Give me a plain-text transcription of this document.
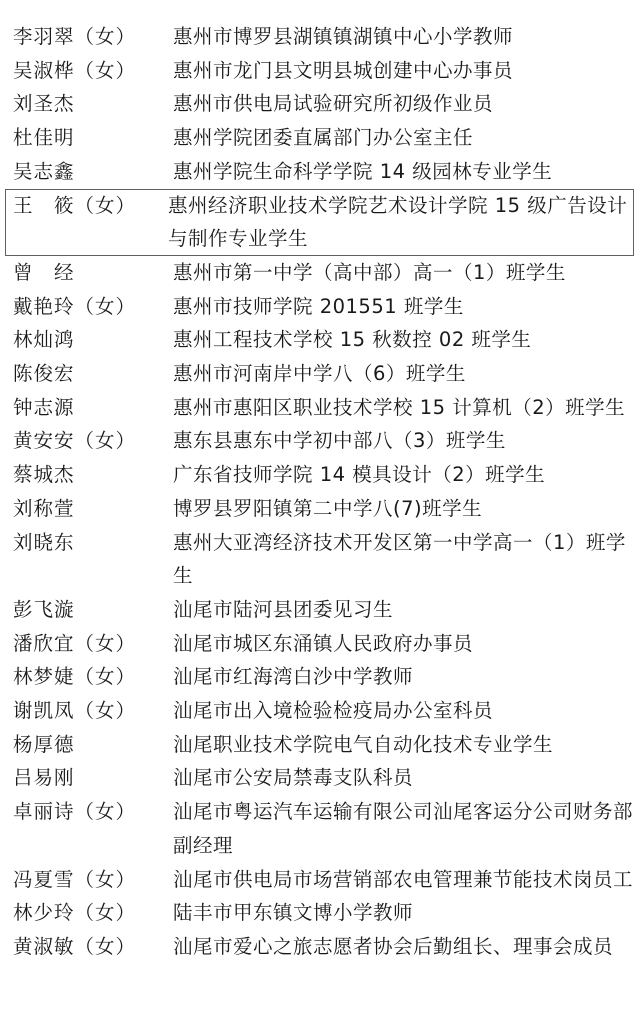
李羽翠（女）	惠州市博罗县湖镇镇湖镇中心小学教师
吴淑桦（女）	惠州市龙门县文明县城创建中心办事员
刘圣杰	惠州市供电局试验研究所初级作业员
杜佳明	惠州学院团委直属部门办公室主任
吴志鑫	惠州学院生命科学学院 14 级园林专业学生
王　筱（女）	惠州经济职业技术学院艺术设计学院 15 级广告设计与制作专业学生
曾　经	惠州市第一中学（高中部）高一（1）班学生
戴艳玲（女）	惠州市技师学院 201551 班学生
林灿鸿	惠州工程技术学校 15 秋数控 02 班学生
陈俊宏	惠州市河南岸中学八（6）班学生
钟志源	惠州市惠阳区职业技术学校 15 计算机（2）班学生
黄安安（女）	惠东县惠东中学初中部八（3）班学生
蔡城杰	广东省技师学院 14 模具设计（2）班学生
刘称萱	博罗县罗阳镇第二中学八(7)班学生
刘晓东	惠州大亚湾经济技术开发区第一中学高一（1）班学生
彭飞漩	汕尾市陆河县团委见习生
潘欣宜（女）	汕尾市城区东涌镇人民政府办事员
林梦婕（女）	汕尾市红海湾白沙中学教师
谢凯凤（女）	汕尾市出入境检验检疫局办公室科员
杨厚德	汕尾职业技术学院电气自动化技术专业学生
吕易刚	汕尾市公安局禁毒支队科员
卓丽诗（女）	汕尾市粤运汽车运输有限公司汕尾客运分公司财务部副经理
冯夏雪（女）	汕尾市供电局市场营销部农电管理兼节能技术岗员工
林少玲（女）	陆丰市甲东镇文博小学教师
黄淑敏（女）	汕尾市爱心之旅志愿者协会后勤组长、理事会成员
